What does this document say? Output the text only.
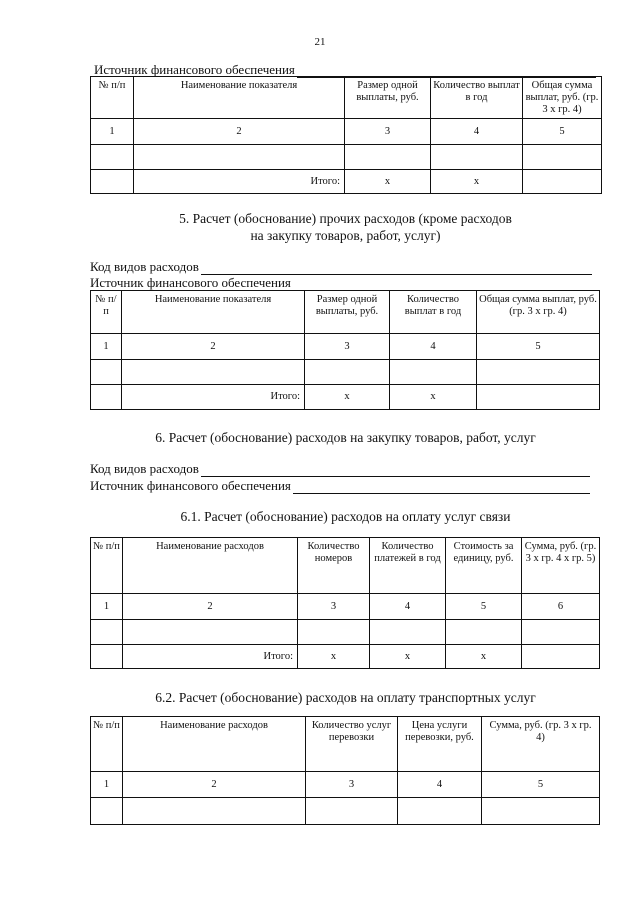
21
Источник финансового обеспечения
№ п/п	Наименование показателя	Размер одной выплаты, руб.	Количество выплат в год	Общая сумма выплат, руб. (гр. 3 x гр. 4)
1	2	3	4	5

	Итого:	x	x	
5. Расчет (обоснование) прочих расходов (кроме расходов
на закупку товаров, работ, услуг)
Код видов расходов
Источник финансового обеспечения
№ п/п	Наименование показателя	Размер одной выплаты, руб.	Количество выплат в год	Общая сумма выплат, руб. (гр. 3 x гр. 4)
1	2	3	4	5

	Итого:	x	x	
6. Расчет (обоснование) расходов на закупку товаров, работ, услуг
Код видов расходов
Источник финансового обеспечения
6.1. Расчет (обоснование) расходов на оплату услуг связи
№ п/п	Наименование расходов	Количество номеров	Количество платежей в год	Стоимость за единицу, руб.	Сумма, руб. (гр. 3 x гр. 4 x гр. 5)
1	2	3	4	5	6

	Итого:	x	x	x	
6.2. Расчет (обоснование) расходов на оплату транспортных услуг
№ п/п	Наименование расходов	Количество услуг перевозки	Цена услуги перевозки, руб.	Сумма, руб. (гр. 3 x гр. 4)
1	2	3	4	5
